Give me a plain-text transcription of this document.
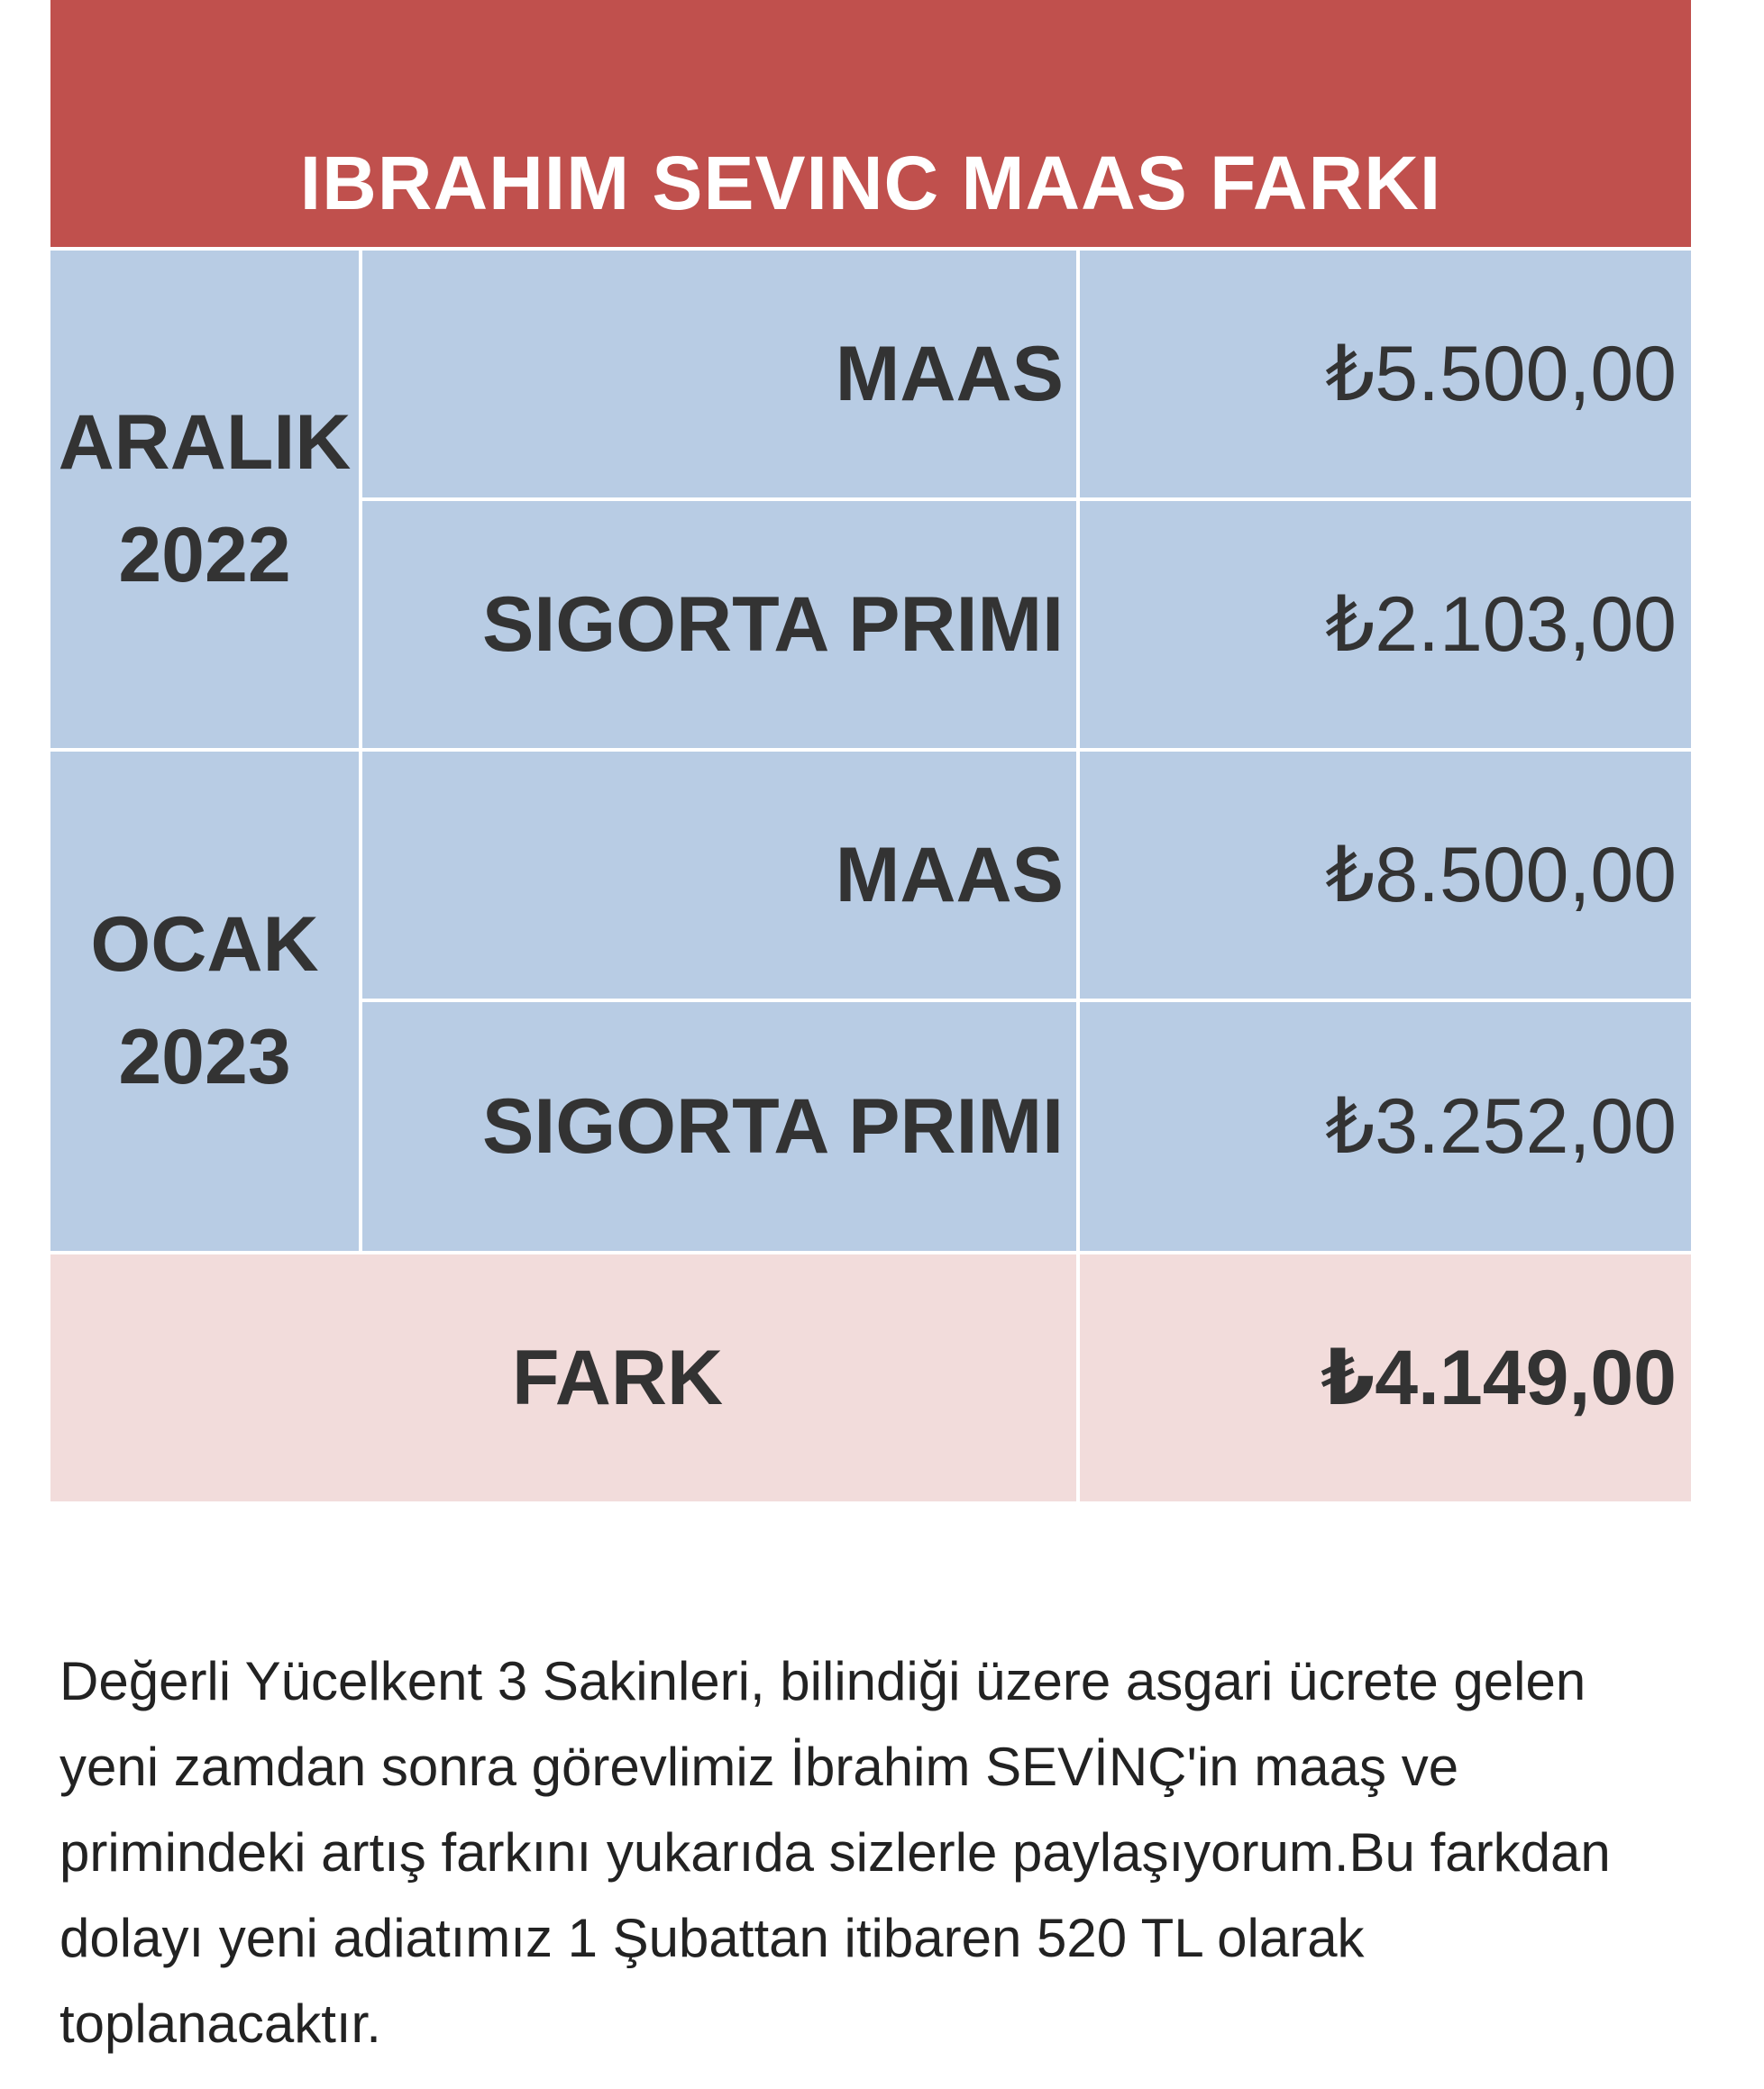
IBRAHIM SEVINC MAAS FARKI
ARALIK
2022
MAAS	₺5.500,00
SIGORTA PRIMI	₺2.103,00
OCAK
2023
MAAS	₺8.500,00
SIGORTA PRIMI	₺3.252,00
FARK	₺4.149,00

Değerli Yücelkent 3 Sakinleri, bilindiği üzere asgari ücrete gelen yeni zamdan sonra görevlimiz İbrahim SEVİNÇ'in maaş ve primindeki artış farkını yukarıda sizlerle paylaşıyorum.Bu farkdan dolayı yeni adiatımız 1 Şubattan itibaren 520 TL olarak toplanacaktır.
